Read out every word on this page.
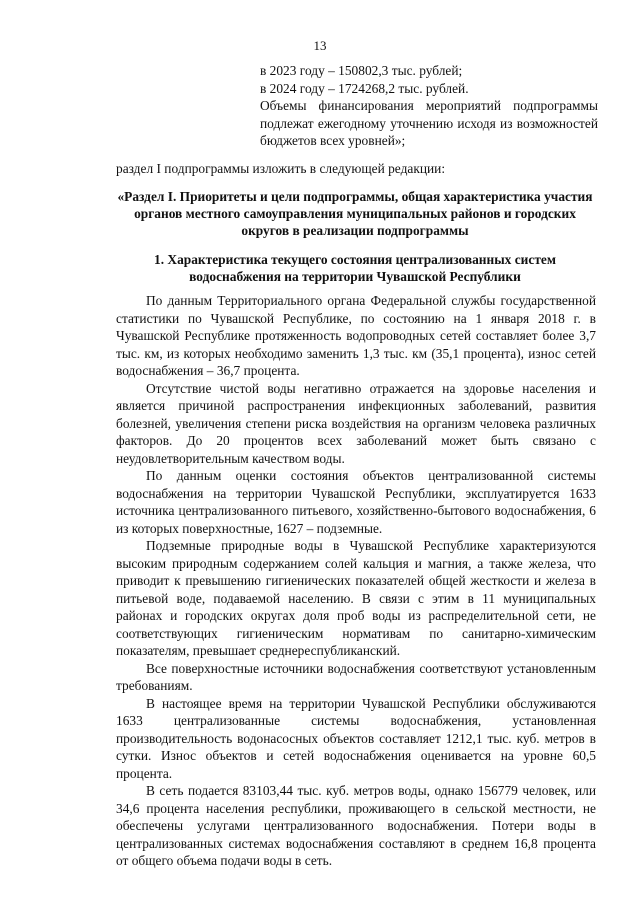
13

в 2023 году – 150802,3 тыс. рублей;

в 2024 году – 1724268,2 тыс. рублей.

Объемы финансирования мероприятий подпрограммы подлежат ежегодному уточнению исходя из возможностей бюджетов всех уровней»;

раздел I подпрограммы изложить в следующей редакции:

«Раздел I. Приоритеты и цели подпрограммы, общая характеристика участия органов местного самоуправления муниципальных районов и городских округов в реализации подпрограммы
1. Характеристика текущего состояния централизованных систем водоснабжения на территории Чувашской Республики

По данным Территориального органа Федеральной службы государственной статистики по Чувашской Республике, по состоянию на 1 января 2018 г. в Чувашской Республике протяженность водопроводных сетей составляет более 3,7 тыс. км, из которых необходимо заменить 1,3 тыс. км (35,1 процента), износ сетей водоснабжения – 36,7 процента.

Отсутствие чистой воды негативно отражается на здоровье населения и является причиной распространения инфекционных заболеваний, развития болезней, увеличения степени риска воздействия на организм человека различных факторов. До 20 процентов всех заболеваний может быть связано с неудовлетворительным качеством воды.

По данным оценки состояния объектов централизованной системы водоснабжения на территории Чувашской Республики, эксплуатируется 1633 источника централизованного питьевого, хозяйственно-бытового водоснабжения, 6 из которых поверхностные, 1627 – подземные.

Подземные природные воды в Чувашской Республике характеризуются высоким природным содержанием солей кальция и магния, а также железа, что приводит к превышению гигиенических показателей общей жесткости и железа в питьевой воде, подаваемой населению. В связи с этим в 11 муниципальных районах и городских округах доля проб воды из распределительной сети, не соответствующих гигиеническим нормативам по санитарно-химическим показателям, превышает среднереспубликанский.

Все поверхностные источники водоснабжения соответствуют установленным требованиям.

В настоящее время на территории Чувашской Республики обслуживаются 1633 централизованные системы водоснабжения, установленная производительность водонасосных объектов составляет 1212,1 тыс. куб. метров в сутки. Износ объектов и сетей водоснабжения оценивается на уровне 60,5 процента.

В сеть подается 83103,44 тыс. куб. метров воды, однако 156779 человек, или 34,6 процента населения республики, проживающего в сельской местности, не обеспечены услугами централизованного водоснабжения. Потери воды в централизованных системах водоснабжения составляют в среднем 16,8 процента от общего объема подачи воды в сеть.
